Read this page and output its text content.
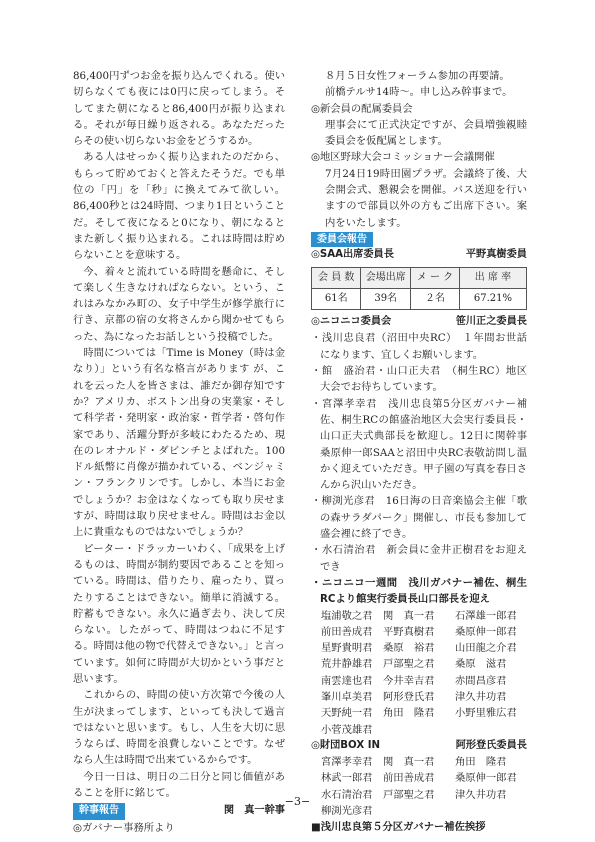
86,400円ずつお金を振り込んでくれる。使い切らなくても夜には0円に戻ってしまう。そしてまた朝になると86,400円が振り込まれる。それが毎日繰り返される。あなただったらその使い切らないお金をどうするか。

ある人はせっかく振り込まれたのだから、もらって貯めておくと答えたそうだ。でも単位の「円」を「秒」に換えてみて欲しい。86,400秒とは24時間、つまり1日ということだ。そして夜になると0になり、朝になるとまた新しく振り込まれる。これは時間は貯めらないことを意味する。

今、着々と流れている時間を懸命に、そして楽しく生きなければならない。という、これはみなかみ町の、女子中学生が修学旅行に行き、京都の宿の女将さんから聞かせてもらった、為になったお話しという投稿でした。

時間については「Time is Money（時は金なり）」という有名な格言があります が、これを云った人を皆さまは、誰だか御存知ですか？アメリカ、ボストン出身の実業家・そして科学者・発明家・政治家・哲学者・啓句作家であり、活躍分野が多岐にわたるため、現在のレオナルド・ダビンチとよばれた。100ドル紙幣に肖像が描かれている、ベンジャミン・フランクリンです。しかし、本当にお金でしょうか？お金はなくなっても取り戻せますが、時間は取り戻せません。時間はお金以上に貴重なものではないでしょうか？

ピーター・ドラッカーいわく、「成果を上げるものは、時間が制約要因であることを知っている。時間は、借りたり、雇ったり、買ったりすることはできない。簡単に消滅する。貯蓄もできない。永久に過ぎ去り、決して戻らない。したがって、時間はつねに不足する。時間は他の物で代替えできない。」と言っています。如何に時間が大切かという事だと思います。

これからの、時間の使い方次第で今後の人生が決まってします、といっても決して過言ではないと思います。もし、人生を大切に思うならば、時間を浪費しないことです。なぜなら人生は時間で出来ているからです。

今日一日は、明日の二日分と同じ価値があることを肝に銘じて。

幹事報告	関　真一幹事

◎ガバナー事務所より

８月５日女性フォーラム参加の再要請。

前橋テルサ14時〜。申し込み幹事まで。

◎新会員の配属委員会

理事会にて正式決定ですが、会員増強親睦委員会を仮配属とします。

◎地区野球大会コミッショナー会議開催

7月24日19時田園プラザ。会議終了後、大会開会式、懇親会を開催。バス送迎を行いますので部員以外の方もご出席下さい。案内をいたします。

委員会報告
◎SAA出席委員長	平野真樹委員
会 員 数	会場出席	メ ー ク	出 席 率
61名	39名	２名	67.21%
◎ニコニコ委員会	笹川正之委員長

・浅川忠良君（沼田中央RC）　１年間お世話になります、宜しくお願いします。

・館　盛治君・山口正夫君　（桐生RC）地区大会でお待ちしています。

・宮澤孝幸君　浅川忠良第5分区ガバナー補佐、桐生RCの館盛治地区大会実行委員長・山口正夫式典部長を歓迎し。12日に関幹事桑原伸一郎SAAと沼田中央RC表敬訪問し温かく迎えていただき。甲子園の写真を春日さんから沢山いただき。

・柳渕光彦君　16日海の日音楽協会主催「歌の森サラダパーク」開催し、市長も参加して盛会裡に終了でき。

・水石清治君　新会員に金井正樹君をお迎えでき

・ニコニコ一週間　浅川ガバナー補佐、桐生RCより館実行委員長山口部長を迎え

塩浦敬之君	関　真一君	石澤雄一郎君
前田善成君	平野真樹君	桑原伸一郎君
星野貴明君	桑原　裕君	山田龍之介君
荒井静雄君	戸部聖之君	桑原　滋君
南雲達也君	今井幸吉君	赤間昌彦君
峯川卓美君	阿形登氏君	津久井功君
天野純一君	角田　隆君	小野里雅広君
小菅茂雄君
◎財団BOX IN	阿形登氏委員長
宮澤孝幸君	関　真一君	角田　隆君
林武一郎君	前田善成君	桑原伸一郎君
水石清治君	戸部聖之君	津久井功君
柳渕光彦君

■浅川忠良第５分区ガバナー補佐挨拶

−3−
